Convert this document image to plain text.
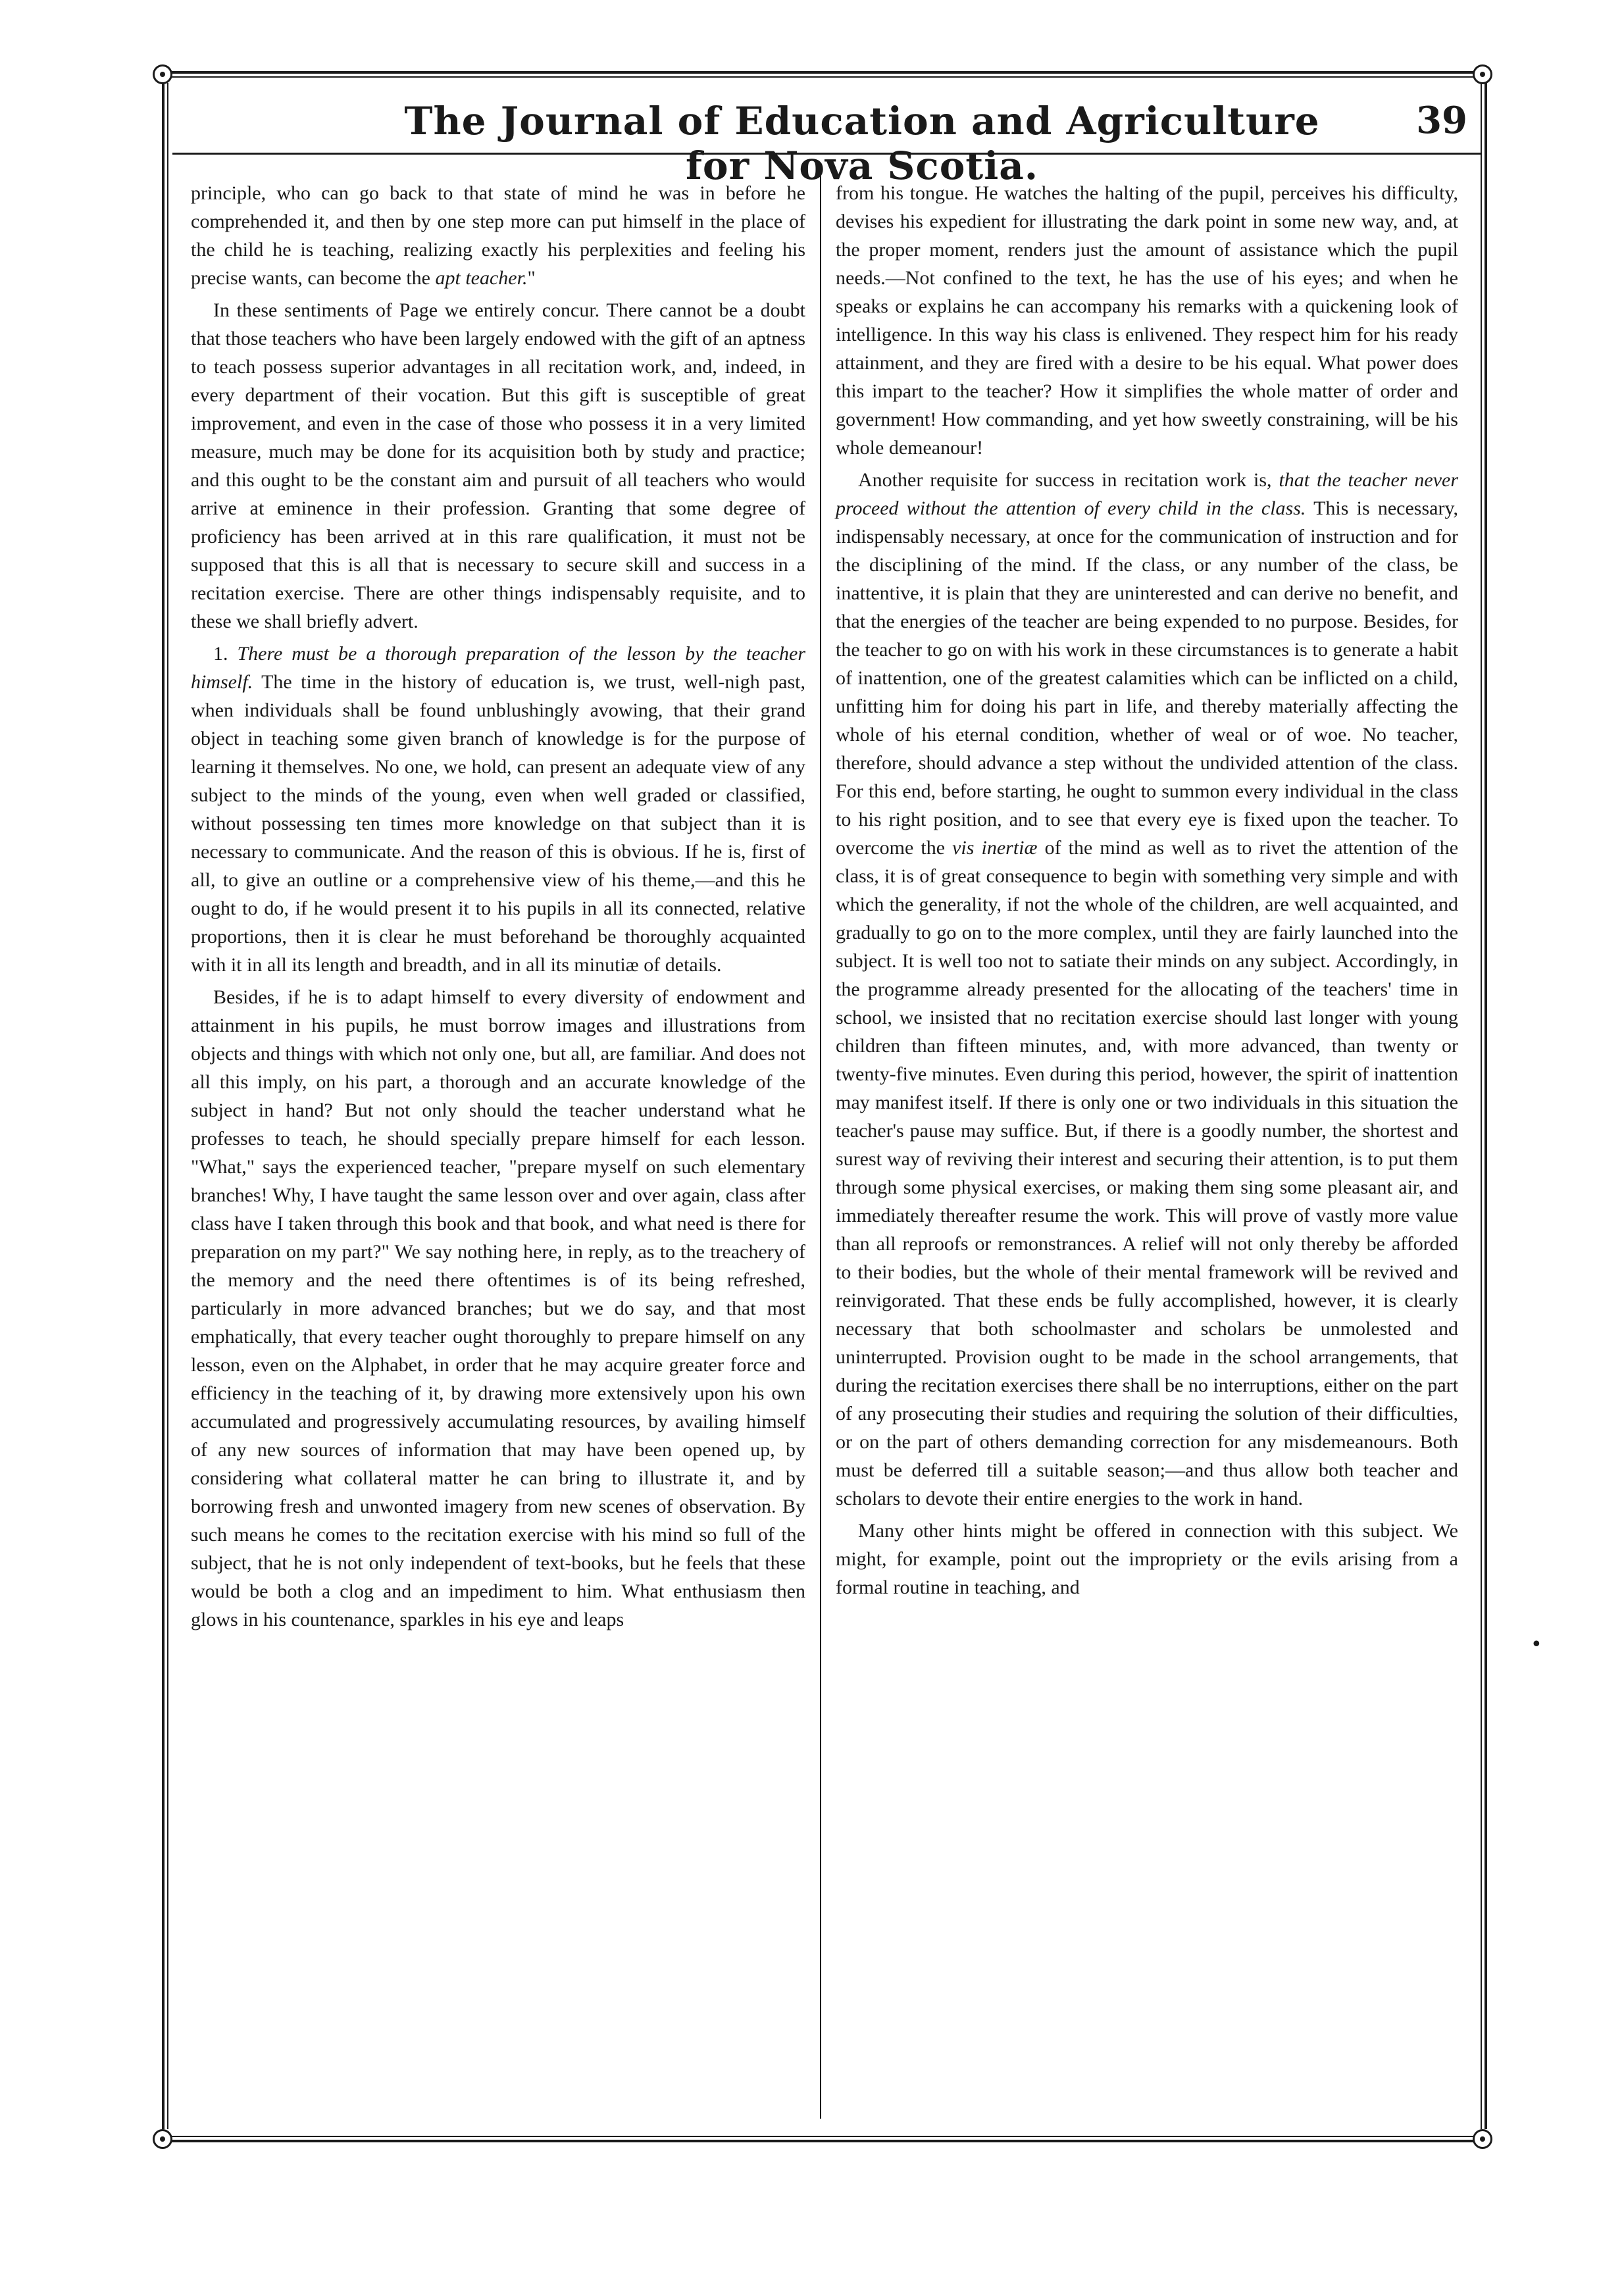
The Journal of Education and Agriculture for Nova Scotia.
39

principle, who can go back to that state of mind he was in before he comprehended it, and then by one step more can put himself in the place of the child he is teaching, realizing exactly his perplexities and feeling his precise wants, can become the apt teacher."

In these sentiments of Page we entirely concur. There cannot be a doubt that those teachers who have been largely endowed with the gift of an aptness to teach possess superior advantages in all recitation work, and, indeed, in every department of their vocation. But this gift is susceptible of great improvement, and even in the case of those who possess it in a very limited measure, much may be done for its acquisition both by study and practice; and this ought to be the constant aim and pursuit of all teachers who would arrive at eminence in their profession. Granting that some degree of proficiency has been arrived at in this rare qualification, it must not be supposed that this is all that is necessary to secure skill and success in a recitation exercise. There are other things indispensably requisite, and to these we shall briefly advert.

1. There must be a thorough preparation of the lesson by the teacher himself. The time in the history of education is, we trust, well-nigh past, when individuals shall be found unblushingly avowing, that their grand object in teaching some given branch of knowledge is for the purpose of learning it themselves. No one, we hold, can present an adequate view of any subject to the minds of the young, even when well graded or classified, without possessing ten times more knowledge on that subject than it is necessary to communicate. And the reason of this is obvious. If he is, first of all, to give an outline or a comprehensive view of his theme,—and this he ought to do, if he would present it to his pupils in all its connected, relative proportions, then it is clear he must beforehand be thoroughly acquainted with it in all its length and breadth, and in all its minutiæ of details.

Besides, if he is to adapt himself to every diversity of endowment and attainment in his pupils, he must borrow images and illustrations from objects and things with which not only one, but all, are familiar. And does not all this imply, on his part, a thorough and an accurate knowledge of the subject in hand? But not only should the teacher understand what he professes to teach, he should specially prepare himself for each lesson. "What," says the experienced teacher, "prepare myself on such elementary branches! Why, I have taught the same lesson over and over again, class after class have I taken through this book and that book, and what need is there for preparation on my part?" We say nothing here, in reply, as to the treachery of the memory and the need there oftentimes is of its being refreshed, particularly in more advanced branches; but we do say, and that most emphatically, that every teacher ought thoroughly to prepare himself on any lesson, even on the Alphabet, in order that he may acquire greater force and efficiency in the teaching of it, by drawing more extensively upon his own accumulated and progressively accumulating resources, by availing himself of any new sources of information that may have been opened up, by considering what collateral matter he can bring to illustrate it, and by borrowing fresh and unwonted imagery from new scenes of observation. By such means he comes to the recitation exercise with his mind so full of the subject, that he is not only independent of text-books, but he feels that these would be both a clog and an impediment to him. What enthusiasm then glows in his countenance, sparkles in his eye and leaps

from his tongue. He watches the halting of the pupil, perceives his difficulty, devises his expedient for illustrating the dark point in some new way, and, at the proper moment, renders just the amount of assistance which the pupil needs.—Not confined to the text, he has the use of his eyes; and when he speaks or explains he can accompany his remarks with a quickening look of intelligence. In this way his class is enlivened. They respect him for his ready attainment, and they are fired with a desire to be his equal. What power does this impart to the teacher? How it simplifies the whole matter of order and government! How commanding, and yet how sweetly constraining, will be his whole demeanour!

Another requisite for success in recitation work is, that the teacher never proceed without the attention of every child in the class. This is necessary, indispensably necessary, at once for the communication of instruction and for the disciplining of the mind. If the class, or any number of the class, be inattentive, it is plain that they are uninterested and can derive no benefit, and that the energies of the teacher are being expended to no purpose. Besides, for the teacher to go on with his work in these circumstances is to generate a habit of inattention, one of the greatest calamities which can be inflicted on a child, unfitting him for doing his part in life, and thereby materially affecting the whole of his eternal condition, whether of weal or of woe. No teacher, therefore, should advance a step without the undivided attention of the class. For this end, before starting, he ought to summon every individual in the class to his right position, and to see that every eye is fixed upon the teacher. To overcome the vis inertiæ of the mind as well as to rivet the attention of the class, it is of great consequence to begin with something very simple and with which the generality, if not the whole of the children, are well acquainted, and gradually to go on to the more complex, until they are fairly launched into the subject. It is well too not to satiate their minds on any subject. Accordingly, in the programme already presented for the allocating of the teachers' time in school, we insisted that no recitation exercise should last longer with young children than fifteen minutes, and, with more advanced, than twenty or twenty-five minutes. Even during this period, however, the spirit of inattention may manifest itself. If there is only one or two individuals in this situation the teacher's pause may suffice. But, if there is a goodly number, the shortest and surest way of reviving their interest and securing their attention, is to put them through some physical exercises, or making them sing some pleasant air, and immediately thereafter resume the work. This will prove of vastly more value than all reproofs or remonstrances. A relief will not only thereby be afforded to their bodies, but the whole of their mental framework will be revived and reinvigorated. That these ends be fully accomplished, however, it is clearly necessary that both schoolmaster and scholars be unmolested and uninterrupted. Provision ought to be made in the school arrangements, that during the recitation exercises there shall be no interruptions, either on the part of any prosecuting their studies and requiring the solution of their difficulties, or on the part of others demanding correction for any misdemeanours. Both must be deferred till a suitable season;—and thus allow both teacher and scholars to devote their entire energies to the work in hand.

Many other hints might be offered in connection with this subject. We might, for example, point out the impropriety or the evils arising from a formal routine in teaching, and

•
